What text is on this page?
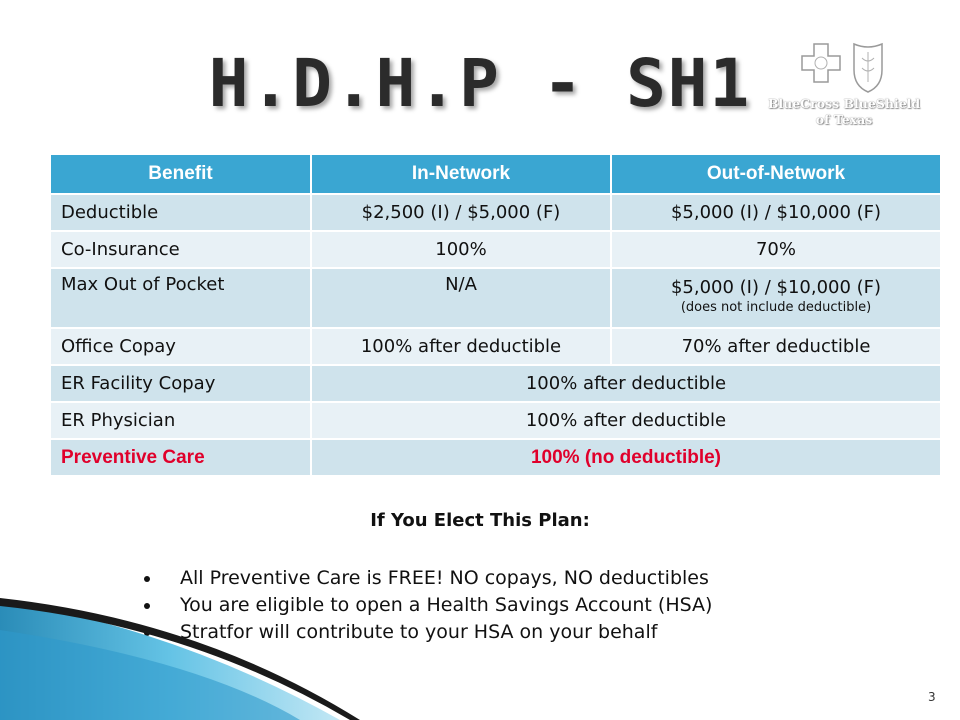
H.D.H.P - SH1	BlueCross BlueShield
of Texas
Benefit	In-Network	Out-of-Network
Deductible	$2,500 (I) / $5,000 (F)	$5,000 (I) / $10,000 (F)
Co-Insurance	100%	70%
Max Out of Pocket	N/A	$5,000 (I) / $10,000 (F)
(does not include deductible)

Office Copay	100% after deductible	70% after deductible
ER Facility Copay	100% after deductible	
ER Physician	100% after deductible	
Preventive Care	100% (no deductible)	
If You Elect This Plan:
All Preventive Care is FREE! NO copays, NO deductibles
You are eligible to open a Health Savings Account (HSA)
Stratfor will contribute to your HSA on your behalf
3
